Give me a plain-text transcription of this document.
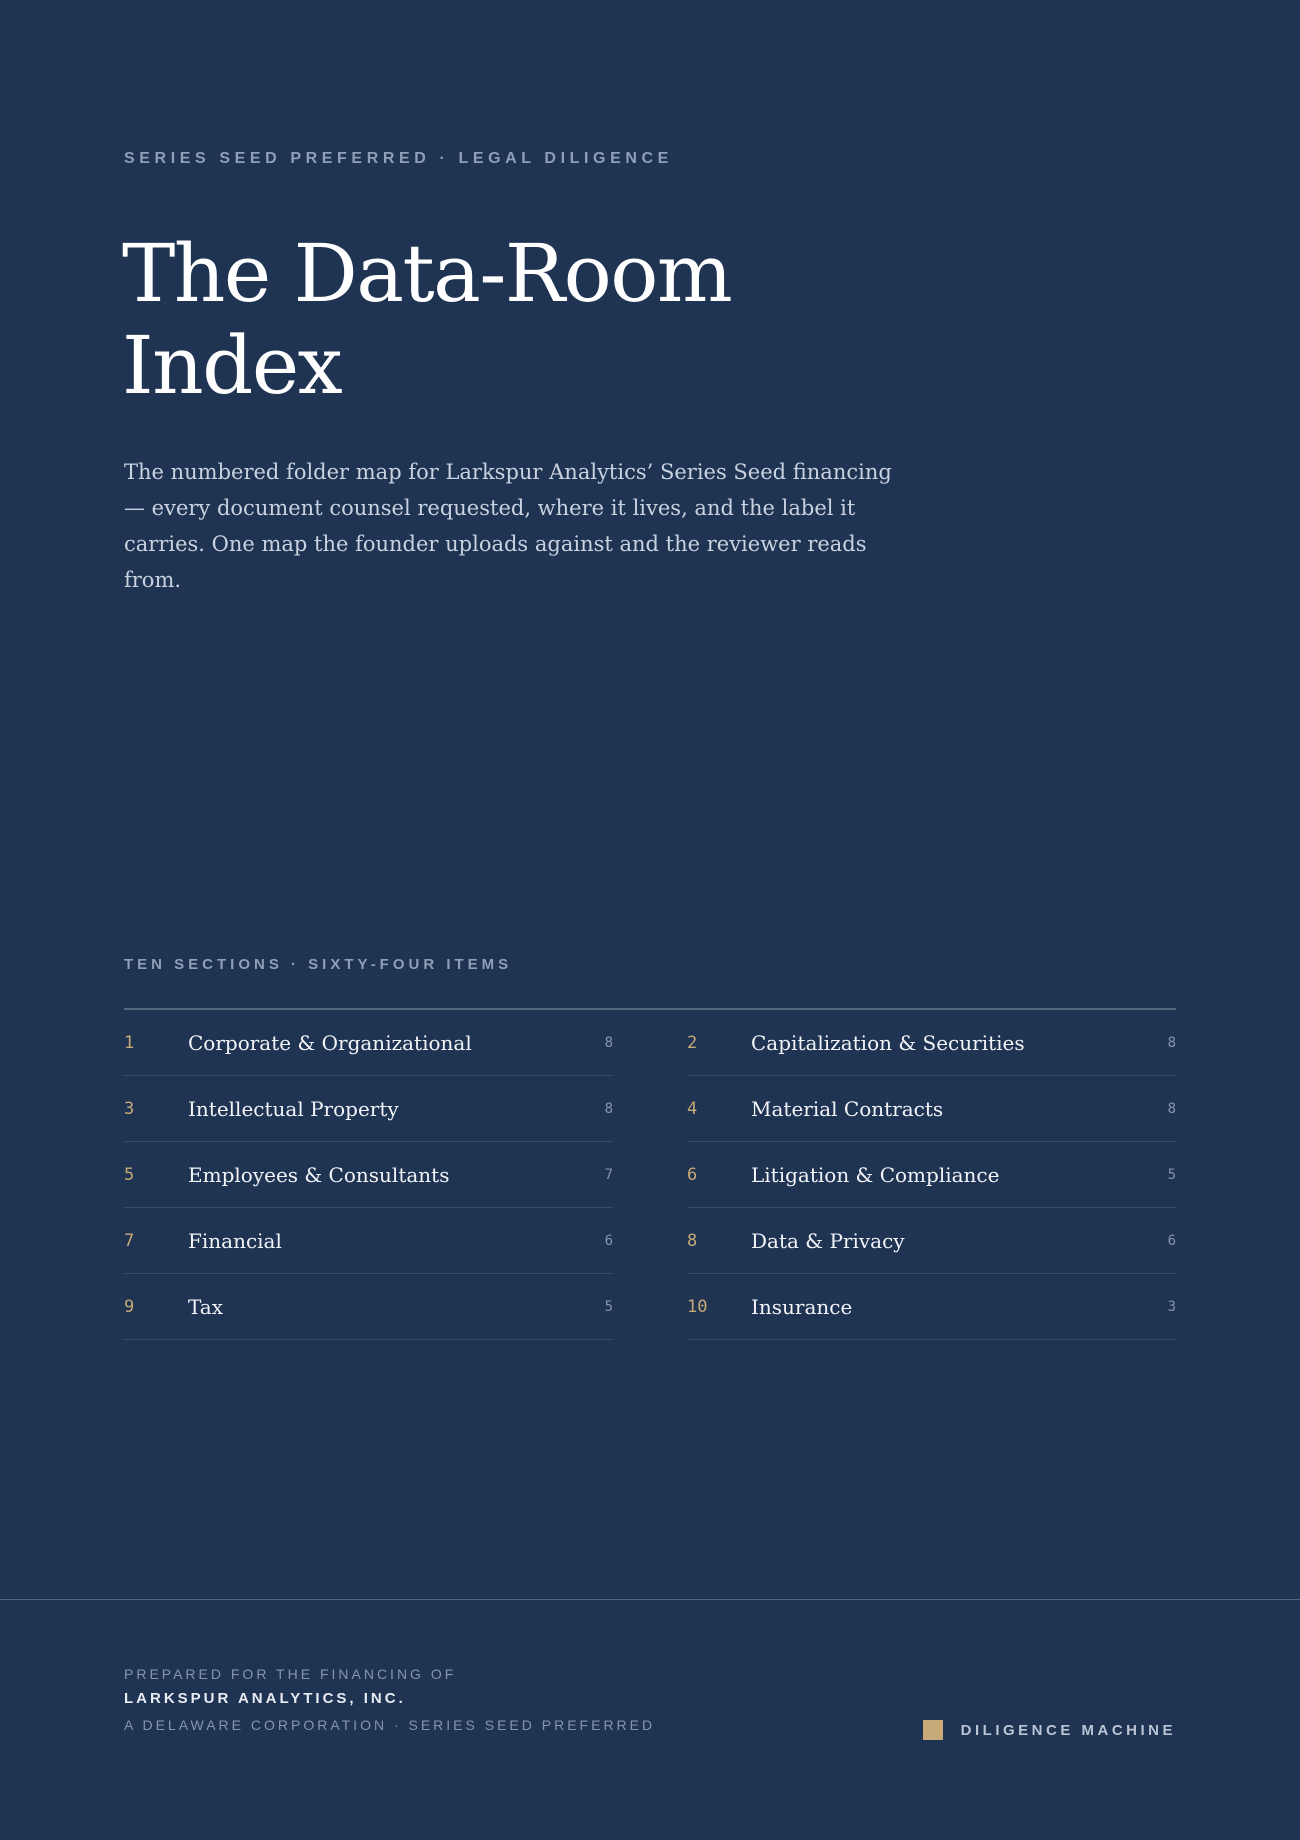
SERIES SEED PREFERRED · LEGAL DILIGENCE
The Data-Room
Index

The numbered folder map for Larkspur Analytics’ Series Seed financing — every document counsel requested, where it lives, and the label it carries. One map the founder uploads against and the reviewer reads from.

TEN SECTIONS · SIXTY-FOUR ITEMS
1	Corporate & Organizational	8	2	Capitalization & Securities	8
3	Intellectual Property	8	4	Material Contracts	8
5	Employees & Consultants	7	6	Litigation & Compliance	5
7	Financial	6	8	Data & Privacy	6
9	Tax	5	10	Insurance	3
PREPARED FOR THE FINANCING OF
LARKSPUR ANALYTICS, INC.
A DELAWARE CORPORATION · SERIES SEED PREFERRED	DILIGENCE MACHINE
